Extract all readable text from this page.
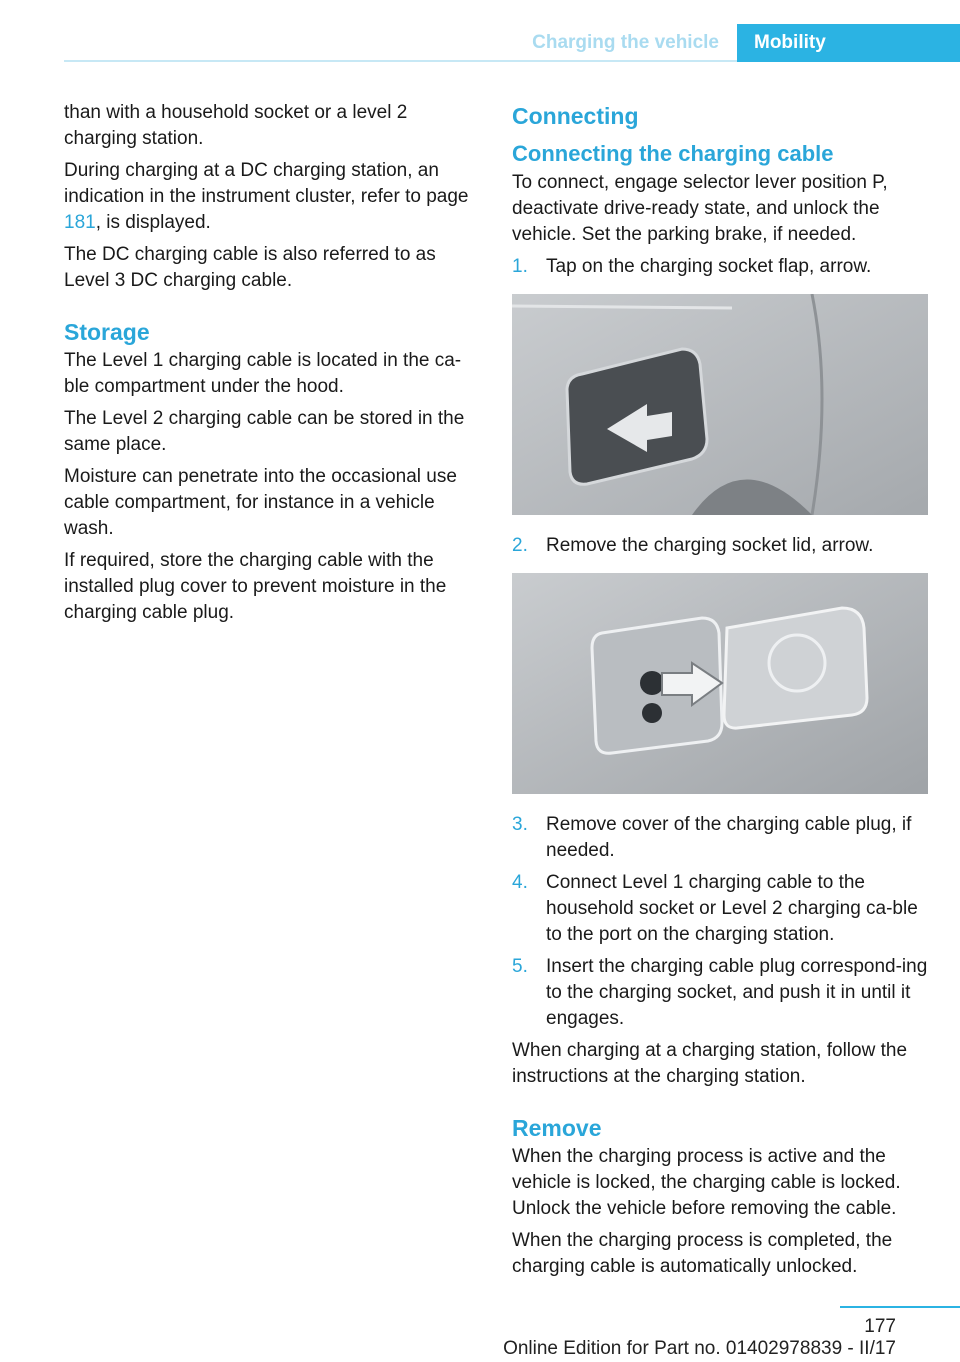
Charging the vehicle	Mobility

than with a household socket or a level 2 charging station.

During charging at a DC charging station, an indication in the instrument cluster, refer to page 181, is displayed.

The DC charging cable is also referred to as Level 3 DC charging cable.

Storage

The Level 1 charging cable is located in the ca-ble compartment under the hood.

The Level 2 charging cable can be stored in the same place.

Moisture can penetrate into the occasional use cable compartment, for instance in a vehicle wash.

If required, store the charging cable with the installed plug cover to prevent moisture in the charging cable plug.

Connecting
Connecting the charging cable

To connect, engage selector lever position P, deactivate drive-ready state, and unlock the vehicle. Set the parking brake, if needed.

1. Tap on the charging socket flap, arrow.
2. Remove the charging socket lid, arrow.
3. Remove cover of the charging cable plug, if needed.
4. Connect Level 1 charging cable to the household socket or Level 2 charging ca-ble to the port on the charging station.
5. Insert the charging cable plug correspond-ing to the charging socket, and push it in until it engages.

When charging at a charging station, follow the instructions at the charging station.

Remove

When the charging process is active and the vehicle is locked, the charging cable is locked. Unlock the vehicle before removing the cable.

When the charging process is completed, the charging cable is automatically unlocked.

177
Online Edition for Part no. 01402978839 - II/17
